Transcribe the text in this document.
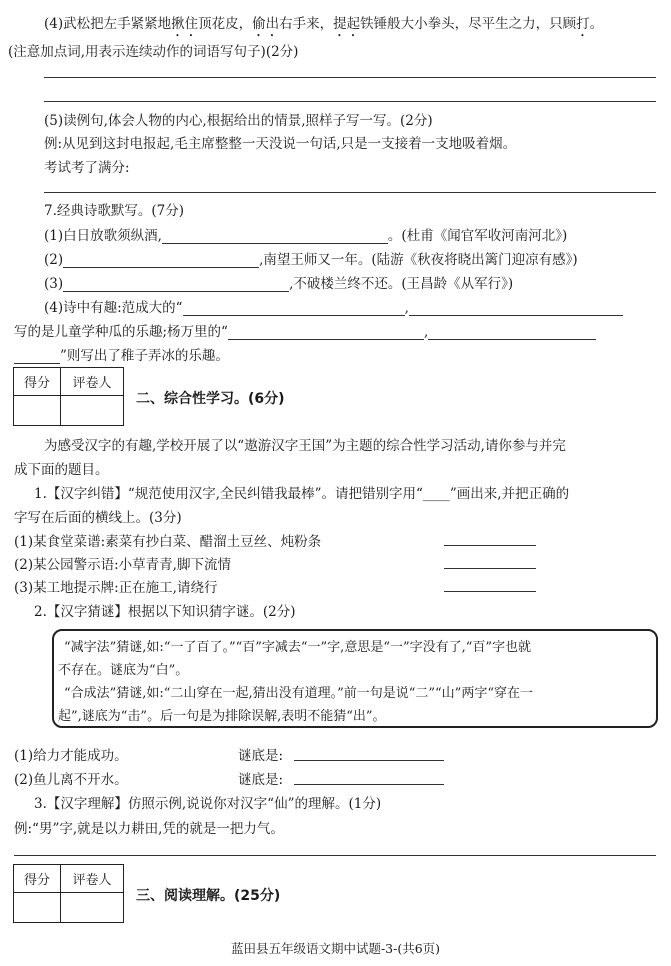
(4)武松把左手紧紧地揪住顶花皮，偷出右手来，提起铁锤般大小拳头，尽平生之力，只顾打。
(注意加点词,用表示连续动作的词语写句子)(2分)
(5)读例句,体会人物的内心,根据给出的情景,照样子写一写。(2分)
例:从见到这封电报起,毛主席整整一天没说一句话,只是一支接着一支地吸着烟。
考试考了满分:
7.经典诗歌默写。(7分)
(1)白日放歌须纵酒,	。(杜甫《闻官军收河南河北》)
(2)	,南望王师又一年。(陆游《秋夜将晓出篱门迎凉有感》)
(3)	,不破楼兰终不还。(王昌龄《从军行》)
(4)诗中有趣:范成大的“	,
写的是儿童学种瓜的乐趣;杨万里的“	,
”则写出了稚子弄冰的乐趣。
得分	评卷人

二、综合性学习。(6分)
为感受汉字的有趣,学校开展了以“遨游汉字王国”为主题的综合性学习活动,请你参与并完
成下面的题目。
1.【汉字纠错】“规范使用汉字,全民纠错我最棒”。请把错别字用“____”画出来,并把正确的
字写在后面的横线上。(3分)
(1)某食堂菜谱:素菜有抄白菜、醋溜土豆丝、炖粉条
(2)某公园警示语:小草青青,脚下流情
(3)某工地提示牌:正在施工,请绕行
2.【汉字猜谜】根据以下知识猜字谜。(2分)
“减字法”猜谜,如:“一了百了。”“百”字减去“一”字,意思是“一”字没有了,“百”字也就
不存在。谜底为“白”。
“合成法”猜谜,如:“二山穿在一起,猜出没有道理。”前一句是说“二”“山”两字“穿在一
起”,谜底为“击”。后一句是为排除误解,表明不能猜“出”。
(1)给力才能成功。	谜底是:
(2)鱼儿离不开水。	谜底是:
3.【汉字理解】仿照示例,说说你对汉字“仙”的理解。(1分)
例:“男”字,就是以力耕田,凭的就是一把力气。
得分	评卷人

三、阅读理解。(25分)
蓝田县五年级语文期中试题-3-(共6页)
